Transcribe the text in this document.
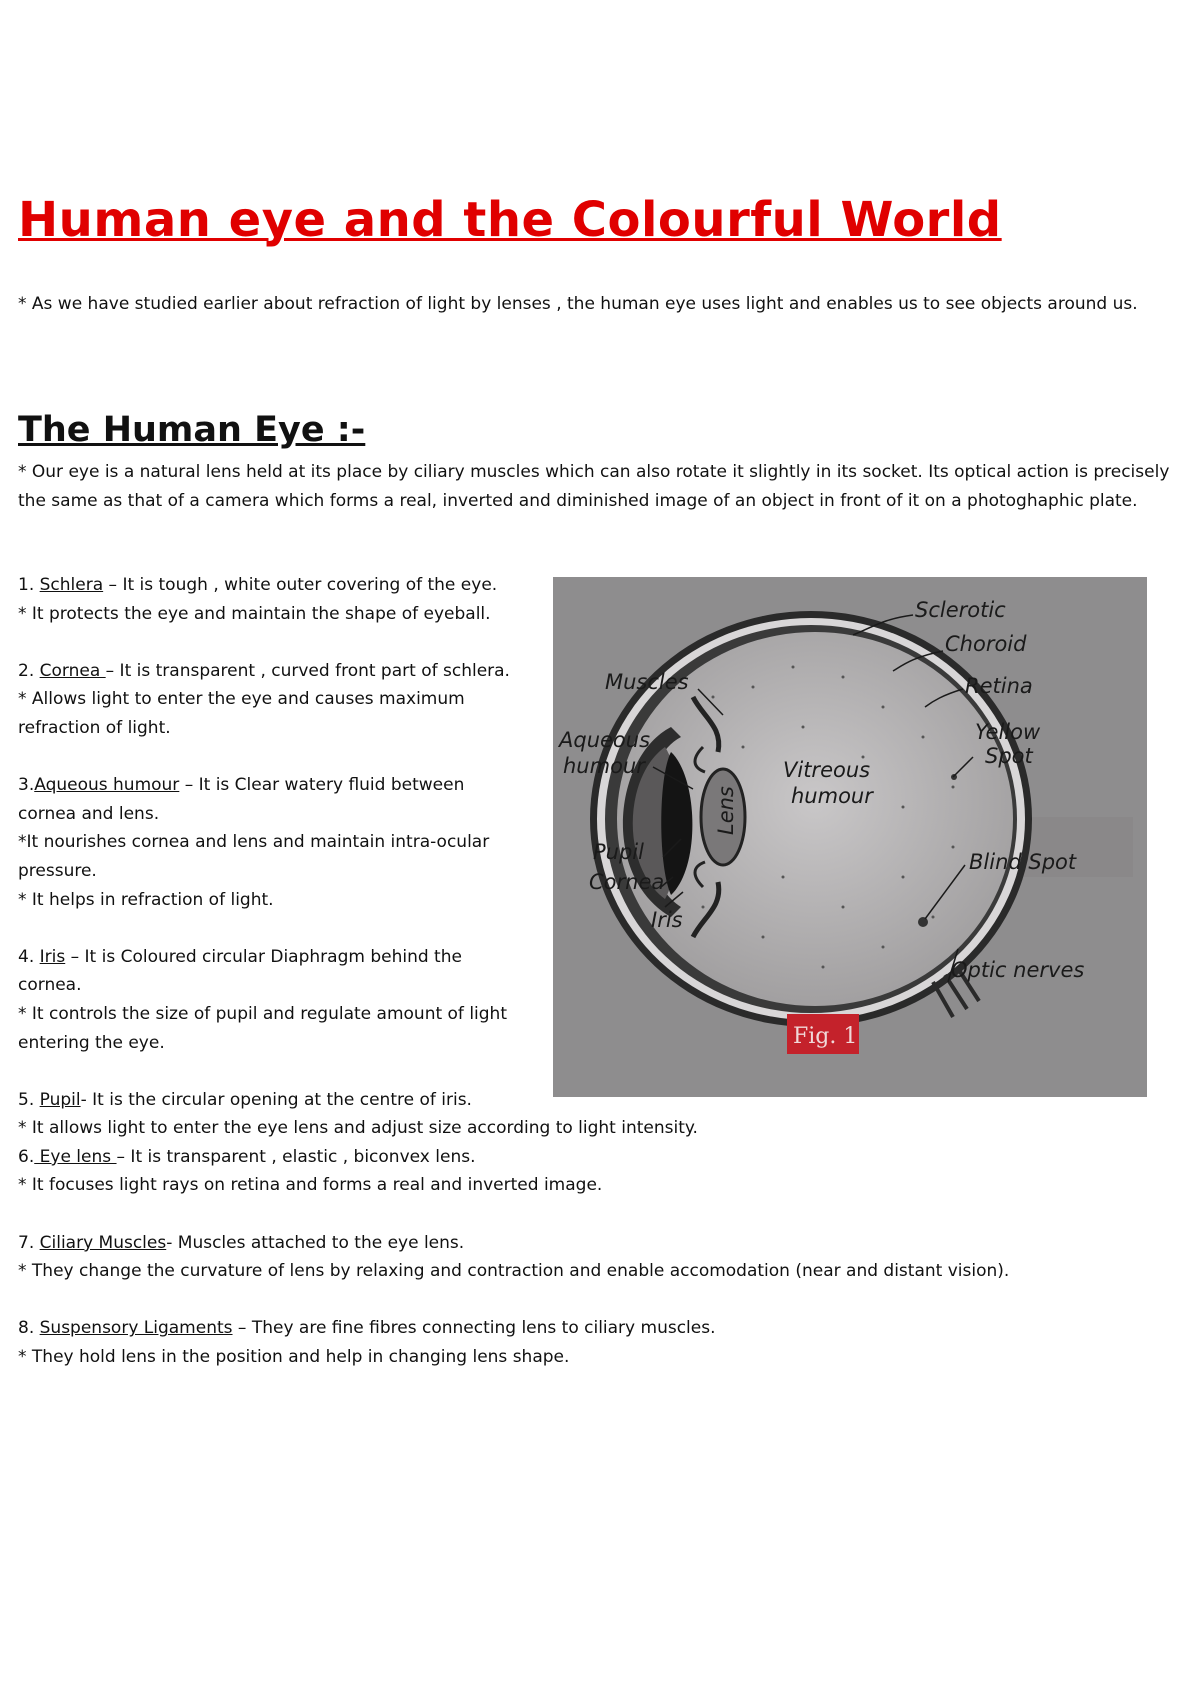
Human eye and the Colourful World

* As we have studied earlier about refraction of light by lenses , the human eye uses light and enables us to see objects around us.

The Human Eye :-

* Our eye is a natural lens held at its place by ciliary muscles which can also rotate it slightly in its socket. Its optical action is precisely the same as that of a camera which forms a real, inverted and diminished image of an object in front of it on a photoghaphic plate.

1. Schlera – It is tough , white outer covering of the eye.

* It protects the eye and maintain the shape of eyeball.

2. Cornea – It is transparent , curved front part of schlera.

* Allows light to enter the eye and causes maximum refraction of light.

3.Aqueous humour – It is Clear watery fluid between cornea and lens.

*It nourishes cornea and lens and maintain intra-ocular pressure.

* It helps in refraction of light.

4. Iris – It is Coloured circular Diaphragm behind the cornea.

* It controls the size of pupil and regulate amount of light entering the eye.

5. Pupil- It is the circular opening at the centre of iris.

* It allows light to enter the eye lens and adjust size according to light intensity.

6. Eye lens – It is transparent , elastic , biconvex lens.

* It focuses light rays on retina and forms a real and inverted image.

7. Ciliary Muscles- Muscles attached to the eye lens.

* They change the curvature of lens by relaxing and contraction and enable accomodation (near and distant vision).

8. Suspensory Ligaments – They are fine fibres connecting lens to ciliary muscles.

* They hold lens in the position and help in changing lens shape.

Sclerotic
Choroid
Retina
Muscles
Aqueous
humour
Lens
Vitreous
humour
Yellow
Spot
Pupil
Cornea
Iris
Blind Spot
Optic nerves
Fig. 1
